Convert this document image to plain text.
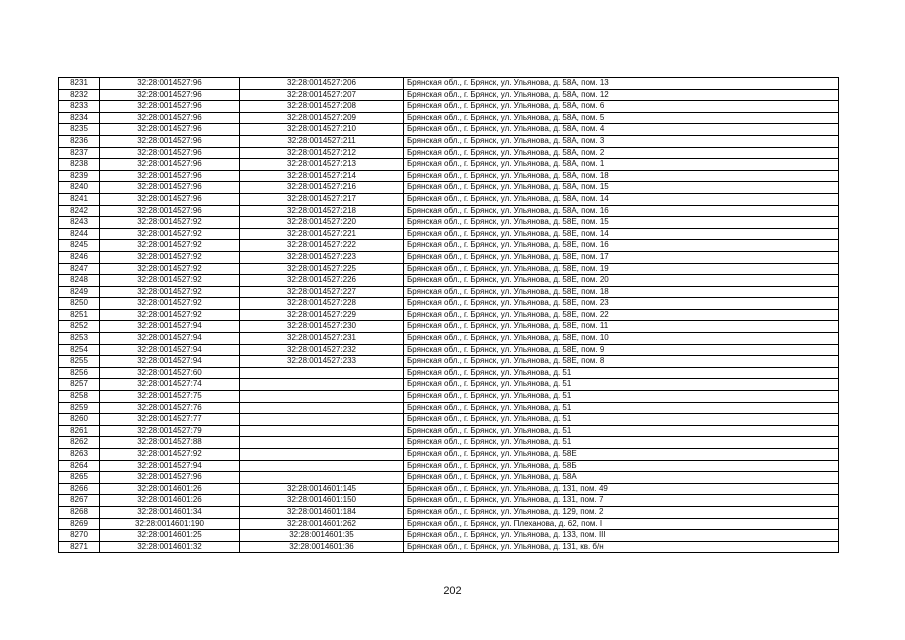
8231	32:28:0014527:96	32:28:0014527:206	Брянская обл., г. Брянск, ул. Ульянова, д. 58А, пом. 13
8232	32:28:0014527:96	32:28:0014527:207	Брянская обл., г. Брянск, ул. Ульянова, д. 58А, пом. 12
8233	32:28:0014527:96	32:28:0014527:208	Брянская обл., г. Брянск, ул. Ульянова, д. 58А, пом. 6
8234	32:28:0014527:96	32:28:0014527:209	Брянская обл., г. Брянск, ул. Ульянова, д. 58А, пом. 5
8235	32:28:0014527:96	32:28:0014527:210	Брянская обл., г. Брянск, ул. Ульянова, д. 58А, пом. 4
8236	32:28:0014527:96	32:28:0014527:211	Брянская обл., г. Брянск, ул. Ульянова, д. 58А, пом. 3
8237	32:28:0014527:96	32:28:0014527:212	Брянская обл., г. Брянск, ул. Ульянова, д. 58А, пом. 2
8238	32:28:0014527:96	32:28:0014527:213	Брянская обл., г. Брянск, ул. Ульянова, д. 58А, пом. 1
8239	32:28:0014527:96	32:28:0014527:214	Брянская обл., г. Брянск, ул. Ульянова, д. 58А, пом. 18
8240	32:28:0014527:96	32:28:0014527:216	Брянская обл., г. Брянск, ул. Ульянова, д. 58А, пом. 15
8241	32:28:0014527:96	32:28:0014527:217	Брянская обл., г. Брянск, ул. Ульянова, д. 58А, пом. 14
8242	32:28:0014527:96	32:28:0014527:218	Брянская обл., г. Брянск, ул. Ульянова, д. 58А, пом. 16
8243	32:28:0014527:92	32:28:0014527:220	Брянская обл., г. Брянск, ул. Ульянова, д. 58Е, пом. 15
8244	32:28:0014527:92	32:28:0014527:221	Брянская обл., г. Брянск, ул. Ульянова, д. 58Е, пом. 14
8245	32:28:0014527:92	32:28:0014527:222	Брянская обл., г. Брянск, ул. Ульянова, д. 58Е, пом. 16
8246	32:28:0014527:92	32:28:0014527:223	Брянская обл., г. Брянск, ул. Ульянова, д. 58Е, пом. 17
8247	32:28:0014527:92	32:28:0014527:225	Брянская обл., г. Брянск, ул. Ульянова, д. 58Е, пом. 19
8248	32:28:0014527:92	32:28:0014527:226	Брянская обл., г. Брянск, ул. Ульянова, д. 58Е, пом. 20
8249	32:28:0014527:92	32:28:0014527:227	Брянская обл., г. Брянск, ул. Ульянова, д. 58Е, пом. 18
8250	32:28:0014527:92	32:28:0014527:228	Брянская обл., г. Брянск, ул. Ульянова, д. 58Е, пом. 23
8251	32:28:0014527:92	32:28:0014527:229	Брянская обл., г. Брянск, ул. Ульянова, д. 58Е, пом. 22
8252	32:28:0014527:94	32:28:0014527:230	Брянская обл., г. Брянск, ул. Ульянова, д. 58Е, пом. 11
8253	32:28:0014527:94	32:28:0014527:231	Брянская обл., г. Брянск, ул. Ульянова, д. 58Е, пом. 10
8254	32:28:0014527:94	32:28:0014527:232	Брянская обл., г. Брянск, ул. Ульянова, д. 58Е, пом. 9
8255	32:28:0014527:94	32:28:0014527:233	Брянская обл., г. Брянск, ул. Ульянова, д. 58Е, пом. 8
8256	32:28:0014527:60		Брянская обл., г. Брянск, ул. Ульянова, д. 51
8257	32:28:0014527:74		Брянская обл., г. Брянск, ул. Ульянова, д. 51
8258	32:28:0014527:75		Брянская обл., г. Брянск, ул. Ульянова, д. 51
8259	32:28:0014527:76		Брянская обл., г. Брянск, ул. Ульянова, д. 51
8260	32:28:0014527:77		Брянская обл., г. Брянск, ул. Ульянова, д. 51
8261	32:28:0014527:79		Брянская обл., г. Брянск, ул. Ульянова, д. 51
8262	32:28:0014527:88		Брянская обл., г. Брянск, ул. Ульянова, д. 51
8263	32:28:0014527:92		Брянская обл., г. Брянск, ул. Ульянова, д. 58Е
8264	32:28:0014527:94		Брянская обл., г. Брянск, ул. Ульянова, д. 58Б
8265	32:28:0014527:96		Брянская обл., г. Брянск, ул. Ульянова, д. 58А
8266	32:28:0014601:26	32:28:0014601:145	Брянская обл., г. Брянск, ул. Ульянова, д. 131, пом. 49
8267	32:28:0014601:26	32:28:0014601:150	Брянская обл., г. Брянск, ул. Ульянова, д. 131, пом. 7
8268	32:28:0014601:34	32:28:0014601:184	Брянская обл., г. Брянск, ул. Ульянова, д. 129, пом. 2
8269	32:28:0014601:190	32:28:0014601:262	Брянская обл., г. Брянск, ул. Плеханова, д. 62, пом. I
8270	32:28:0014601:25	32:28:0014601:35	Брянская обл., г. Брянск, ул. Ульянова, д. 133, пом. III
8271	32:28:0014601:32	32:28:0014601:36	Брянская обл., г. Брянск, ул. Ульянова, д. 131, кв. б/н
202
